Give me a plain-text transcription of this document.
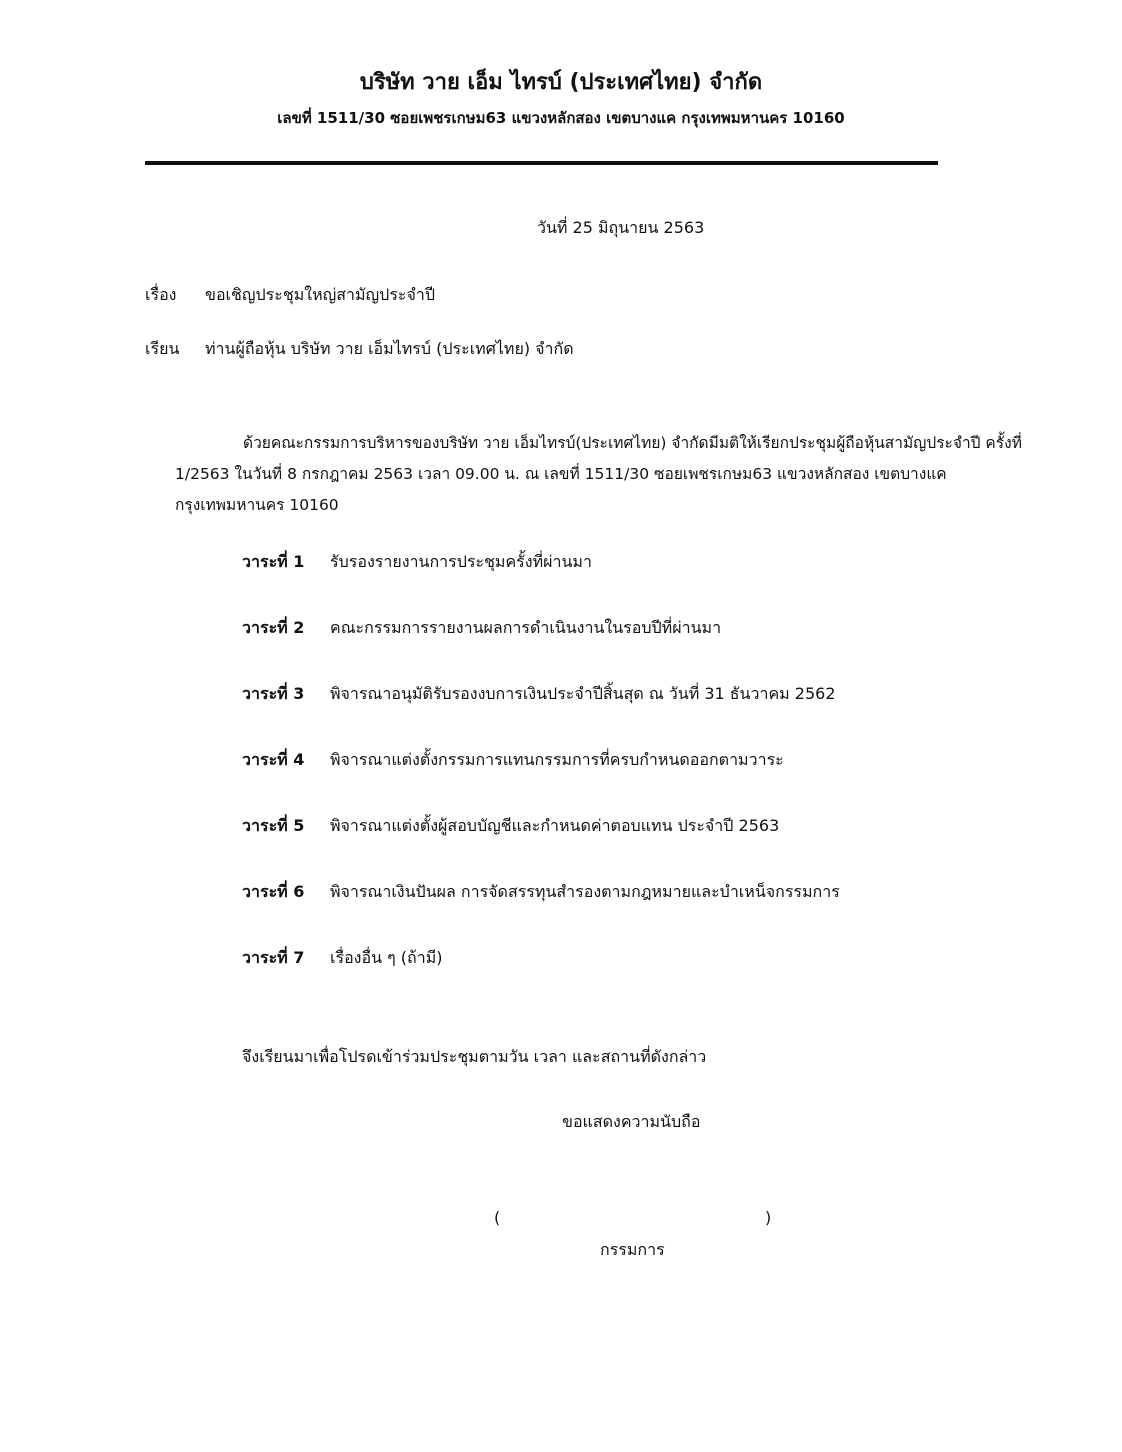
บริษัท วาย เอ็ม ไทรบ์ (ประเทศไทย) จำกัด
เลขที่ 1511/30 ซอยเพชรเกษม63 แขวงหลักสอง เขตบางแค กรุงเทพมหานคร 10160
วันที่ 25 มิถุนายน 2563
เรื่อง ขอเชิญประชุมใหญ่สามัญประจำปี
เรียน ท่านผู้ถือหุ้น บริษัท วาย เอ็มไทรบ์ (ประเทศไทย) จำกัด
ด้วยคณะกรรมการบริหารของบริษัท วาย เอ็มไทรบ์(ประเทศไทย) จำกัดมีมติให้เรียกประชุมผู้ถือหุ้นสามัญประจำปี ครั้งที่ 1/2563 ในวันที่ 8 กรกฎาคม 2563 เวลา 09.00 น. ณ เลขที่ 1511/30 ซอยเพชรเกษม63 แขวงหลักสอง เขตบางแค กรุงเทพมหานคร 10160
วาระที่ 1 รับรองรายงานการประชุมครั้งที่ผ่านมา
วาระที่ 2 คณะกรรมการรายงานผลการดำเนินงานในรอบปีที่ผ่านมา
วาระที่ 3 พิจารณาอนุมัติรับรองงบการเงินประจำปีสิ้นสุด ณ วันที่ 31 ธันวาคม 2562
วาระที่ 4 พิจารณาแต่งตั้งกรรมการแทนกรรมการที่ครบกำหนดออกตามวาระ
วาระที่ 5 พิจารณาแต่งตั้งผู้สอบบัญชีและกำหนดค่าตอบแทน ประจำปี 2563
วาระที่ 6 พิจารณาเงินปันผล การจัดสรรทุนสำรองตามกฎหมายและบำเหน็จกรรมการ
วาระที่ 7 เรื่องอื่น ๆ (ถ้ามี)
จึงเรียนมาเพื่อโปรดเข้าร่วมประชุมตามวัน เวลา และสถานที่ดังกล่าว
ขอแสดงความนับถือ
(	)
กรรมการ
